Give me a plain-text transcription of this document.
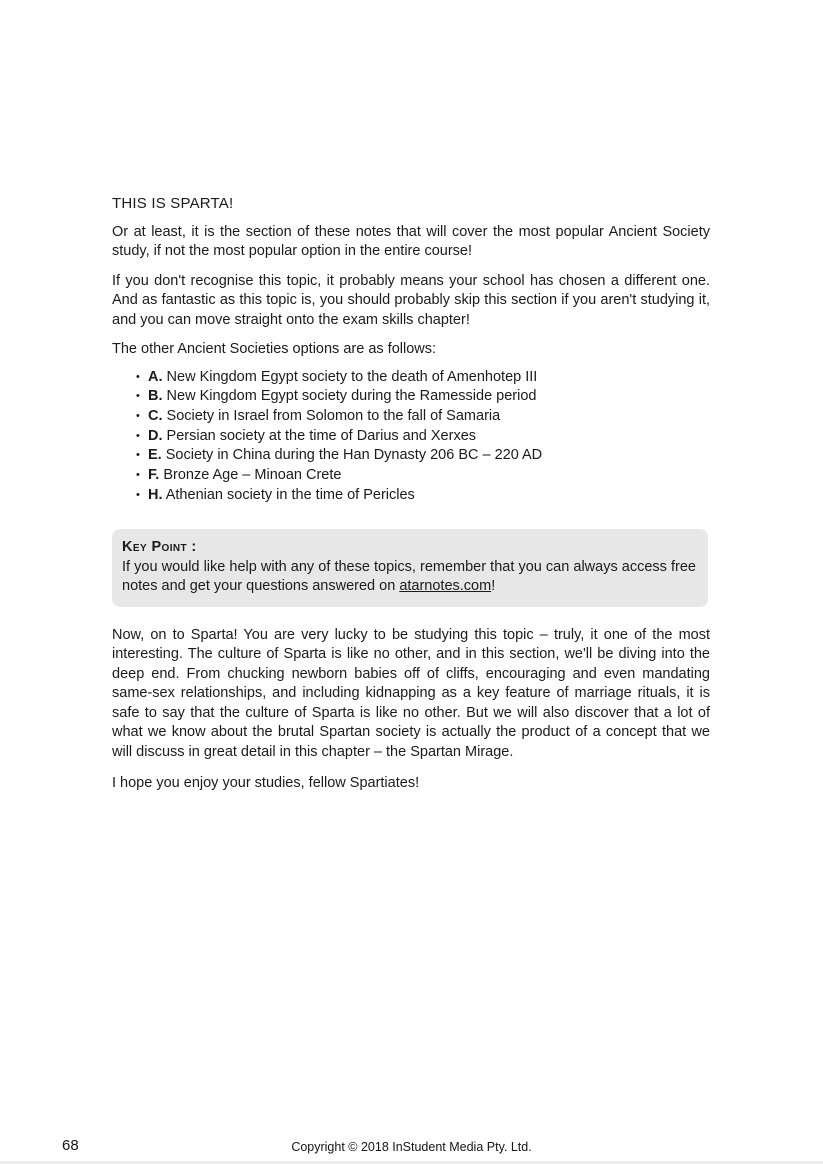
THIS IS SPARTA!

Or at least, it is the section of these notes that will cover the most popular Ancient Society study, if not the most popular option in the entire course!

If you don't recognise this topic, it probably means your school has chosen a different one. And as fantastic as this topic is, you should probably skip this section if you aren't studying it, and you can move straight onto the exam skills chapter!

The other Ancient Societies options are as follows:

• A. New Kingdom Egypt society to the death of Amenhotep III
• B. New Kingdom Egypt society during the Ramesside period
• C. Society in Israel from Solomon to the fall of Samaria
• D. Persian society at the time of Darius and Xerxes
• E. Society in China during the Han Dynasty 206 BC – 220 AD
• F. Bronze Age – Minoan Crete
• H. Athenian society in the time of Pericles
Key Point :
If you would like help with any of these topics, remember that you can always access free notes and get your questions answered on atarnotes.com!

Now, on to Sparta! You are very lucky to be studying this topic – truly, it one of the most interesting. The culture of Sparta is like no other, and in this section, we'll be diving into the deep end. From chucking newborn babies off of cliffs, encouraging and even mandating same-sex relationships, and including kidnapping as a key feature of marriage rituals, it is safe to say that the culture of Sparta is like no other. But we will also discover that a lot of what we know about the brutal Spartan society is actually the product of a concept that we will discuss in great detail in this chapter – the Spartan Mirage.

I hope you enjoy your studies, fellow Spartiates!

68	Copyright © 2018 InStudent Media Pty. Ltd.
